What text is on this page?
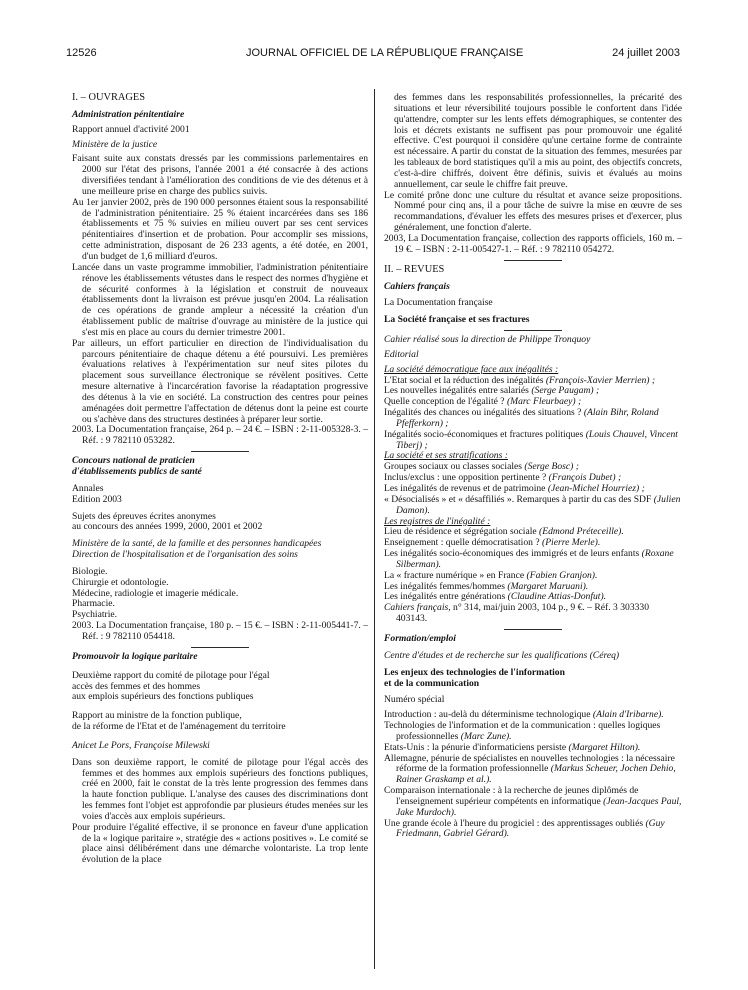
12526	JOURNAL OFFICIEL DE LA RÉPUBLIQUE FRANÇAISE	24 juillet 2003

I. – OUVRAGES

Administration pénitentiaire

Rapport annuel d'activité 2001

Ministère de la justice

Faisant suite aux constats dressés par les commissions parlementaires en 2000 sur l'état des prisons, l'année 2001 a été consacrée à des actions diversifiées tendant à l'amélioration des conditions de vie des détenus et à une meilleure prise en charge des publics suivis.

Au 1er janvier 2002, près de 190 000 personnes étaient sous la responsabilité de l'administration pénitentiaire. 25 % étaient incarcérées dans ses 186 établissements et 75 % suivies en milieu ouvert par ses cent services pénitentiaires d'insertion et de probation. Pour accomplir ses missions, cette administration, disposant de 26 233 agents, a été dotée, en 2001, d'un budget de 1,6 milliard d'euros.

Lancée dans un vaste programme immobilier, l'administration pénitentiaire rénove les établissements vétustes dans le respect des normes d'hygiène et de sécurité conformes à la législation et construit de nouveaux établissements dont la livraison est prévue jusqu'en 2004. La réalisation de ces opérations de grande ampleur a nécessité la création d'un établissement public de maîtrise d'ouvrage au ministère de la justice qui s'est mis en place au cours du dernier trimestre 2001.

Par ailleurs, un effort particulier en direction de l'individualisation du parcours pénitentiaire de chaque détenu a été poursuivi. Les premières évaluations relatives à l'expérimentation sur neuf sites pilotes du placement sous surveillance électronique se révèlent positives. Cette mesure alternative à l'incarcération favorise la réadaptation progressive des détenus à la vie en société. La construction des centres pour peines aménagées doit permettre l'affectation de détenus dont la peine est courte ou s'achève dans des structures destinées à préparer leur sortie.

2003. La Documentation française, 264 p. – 24 €. – ISBN : 2-11-005328-3. – Réf. : 9 782110 053282.

Concours national de praticien

d'établissements publics de santé

Annales

Edition 2003

Sujets des épreuves écrites anonymes

au concours des années 1999, 2000, 2001 et 2002

Ministère de la santé, de la famille et des personnes handicapées

Direction de l'hospitalisation et de l'organisation des soins

Biologie.

Chirurgie et odontologie.

Médecine, radiologie et imagerie médicale.

Pharmacie.

Psychiatrie.

2003. La Documentation française, 180 p. – 15 €. – ISBN : 2-11-005441-7. – Réf. : 9 782110 054418.

Promouvoir la logique paritaire

Deuxième rapport du comité de pilotage pour l'égal

accès des femmes et des hommes

aux emplois supérieurs des fonctions publiques

Rapport au ministre de la fonction publique,

de la réforme de l'Etat et de l'aménagement du territoire

Anicet Le Pors, Françoise Milewski

Dans son deuxième rapport, le comité de pilotage pour l'égal accès des femmes et des hommes aux emplois supérieurs des fonctions publiques, créé en 2000, fait le constat de la très lente progression des femmes dans la haute fonction publique. L'analyse des causes des discriminations dont les femmes font l'objet est approfondie par plusieurs études menées sur les voies d'accès aux emplois supérieurs.

Pour produire l'égalité effective, il se prononce en faveur d'une application de la « logique paritaire », stratégie des « actions positives ». Le comité se place ainsi délibérément dans une démarche volontariste. La trop lente évolution de la place

des femmes dans les responsabilités professionnelles, la précarité des situations et leur réversibilité toujours possible le confortent dans l'idée qu'attendre, compter sur les lents effets démographiques, se contenter des lois et décrets existants ne suffisent pas pour promouvoir une égalité effective. C'est pourquoi il considère qu'une certaine forme de contrainte est nécessaire. A partir du constat de la situation des femmes, mesurées par les tableaux de bord statistiques qu'il a mis au point, des objectifs concrets, c'est-à-dire chiffrés, doivent être définis, suivis et évalués au moins annuellement, car seule le chiffre fait preuve.

Le comité prône donc une culture du résultat et avance seize propositions. Nommé pour cinq ans, il a pour tâche de suivre la mise en œuvre de ses recommandations, d'évaluer les effets des mesures prises et d'exercer, plus généralement, une fonction d'alerte.

2003, La Documentation française, collection des rapports officiels, 160 m. – 19 €. – ISBN : 2-11-005427-1. – Réf. : 9 782110 054272.

II. – REVUES

Cahiers français

La Documentation française

La Société française et ses fractures

Cahier réalisé sous la direction de Philippe Tronquoy

Editorial

La société démocratique face aux inégalités :

L'Etat social et la réduction des inégalités (François-Xavier Merrien) ;

Les nouvelles inégalités entre salariés (Serge Paugam) ;

Quelle conception de l'égalité ? (Marc Fleurbaey) ;

Inégalités des chances ou inégalités des situations ? (Alain Bihr, Roland Pfefferkorn) ;

Inégalités socio-économiques et fractures politiques (Louis Chauvel, Vincent Tiberj) ;

La société et ses stratifications :

Groupes sociaux ou classes sociales (Serge Bosc) ;

Inclus/exclus : une opposition pertinente ? (François Dubet) ;

Les inégalités de revenus et de patrimoine (Jean-Michel Hourriez) ;

« Désocialisés » et « désaffiliés ». Remarques à partir du cas des SDF (Julien Damon).

Les registres de l'inégalité :

Lieu de résidence et ségrégation sociale (Edmond Préteceille).

Enseignement : quelle démocratisation ? (Pierre Merle).

Les inégalités socio-économiques des immigrés et de leurs enfants (Roxane Silberman).

La « fracture numérique » en France (Fabien Granjon).

Les inégalités femmes/hommes (Margaret Maruani).

Les inégalités entre générations (Claudine Attias-Donfut).

Cahiers français, n° 314, mai/juin 2003, 104 p., 9 €. – Réf. 3 303330 403143.

Formation/emploi

Centre d'études et de recherche sur les qualifications (Céreq)

Les enjeux des technologies de l'information

et de la communication

Numéro spécial

Introduction : au-delà du déterminisme technologique (Alain d'Iribarne).

Technologies de l'information et de la communication : quelles logiques professionnelles (Marc Zune).

Etats-Unis : la pénurie d'informaticiens persiste (Margaret Hilton).

Allemagne, pénurie de spécialistes en nouvelles technologies : la nécessaire réforme de la formation professionnelle (Markus Scheuer, Jochen Dehio, Rainer Graskamp et al.).

Comparaison internationale : à la recherche de jeunes diplômés de l'enseignement supérieur compétents en informatique (Jean-Jacques Paul, Jake Murdoch).

Une grande école à l'heure du progiciel : des apprentissages oubliés (Guy Friedmann, Gabriel Gérard).
